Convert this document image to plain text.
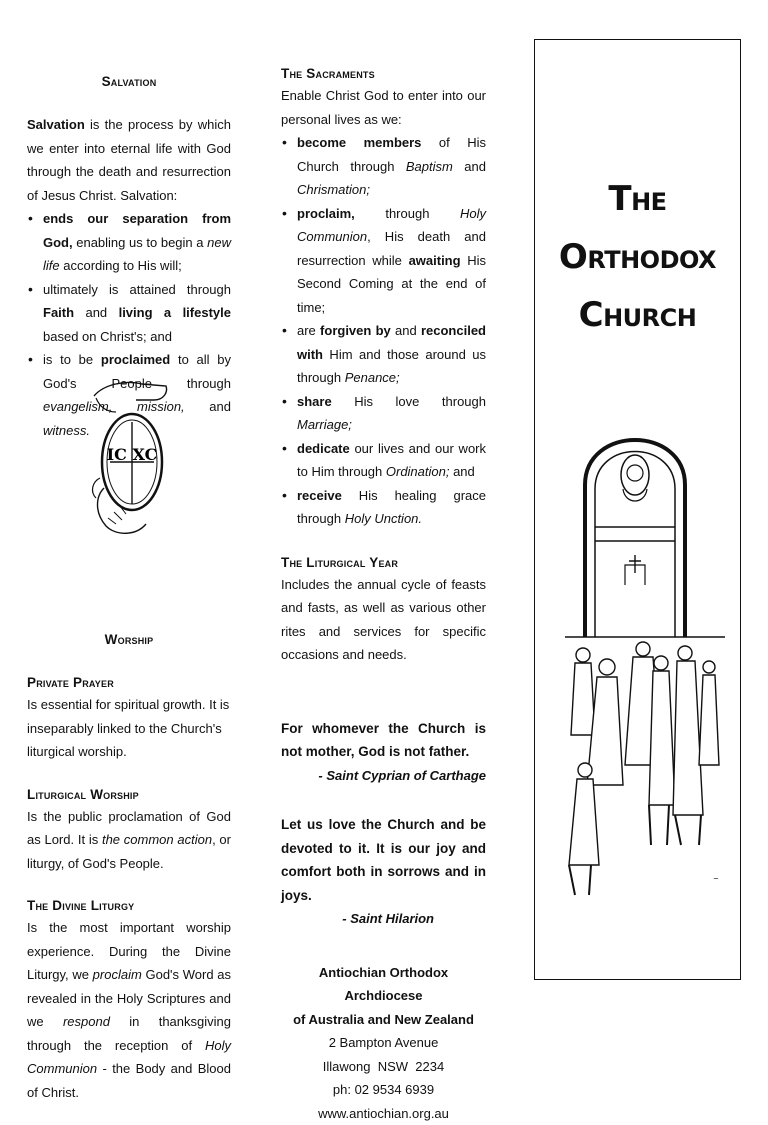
Salvation

Salvation is the process by which we enter into eternal life with God through the death and resurrection of Jesus Christ. Salvation:

• ends our separation from God, enabling us to begin a new life according to His will;
• ultimately is attained through Faith and living a lifestyle based on Christ's; and
• is to be proclaimed to all by God's People through evangelism, mission, and witness.
Worship
Private Prayer

Is essential for spiritual growth. It is inseparably linked to the Church's liturgical worship.

Liturgical Worship

Is the public proclamation of God as Lord. It is the common action, or liturgy, of God's People.

The Divine Liturgy

Is the most important worship experience. During the Divine Liturgy, we proclaim God's Word as revealed in the Holy Scriptures and we respond in thanksgiving through the reception of Holy Communion - the Body and Blood of Christ.

IC XC
The Sacraments

Enable Christ God to enter into our personal lives as we:

• become members of His Church through Baptism and Chrismation;
• proclaim, through Holy Communion, His death and resurrection while awaiting His Second Coming at the end of time;
• are forgiven by and reconciled with Him and those around us through Penance;
• share His love through Marriage;
• dedicate our lives and our work to Him through Ordination; and
• receive His healing grace through Holy Unction.
The Liturgical Year

Includes the annual cycle of feasts and fasts, as well as various other rites and services for specific occasions and needs.

For whomever the Church is not mother, God is not father.

- Saint Cyprian of Carthage

Let us love the Church and be devoted to it. It is our joy and comfort both in sorrows and in joys.

- Saint Hilarion
Antiochian Orthodox Archdiocese
of Australia and New Zealand
2 Bampton Avenue
Illawong  NSW  2234
ph: 02 9534 6939
www.antiochian.org.au
The Orthodox
Church
~
